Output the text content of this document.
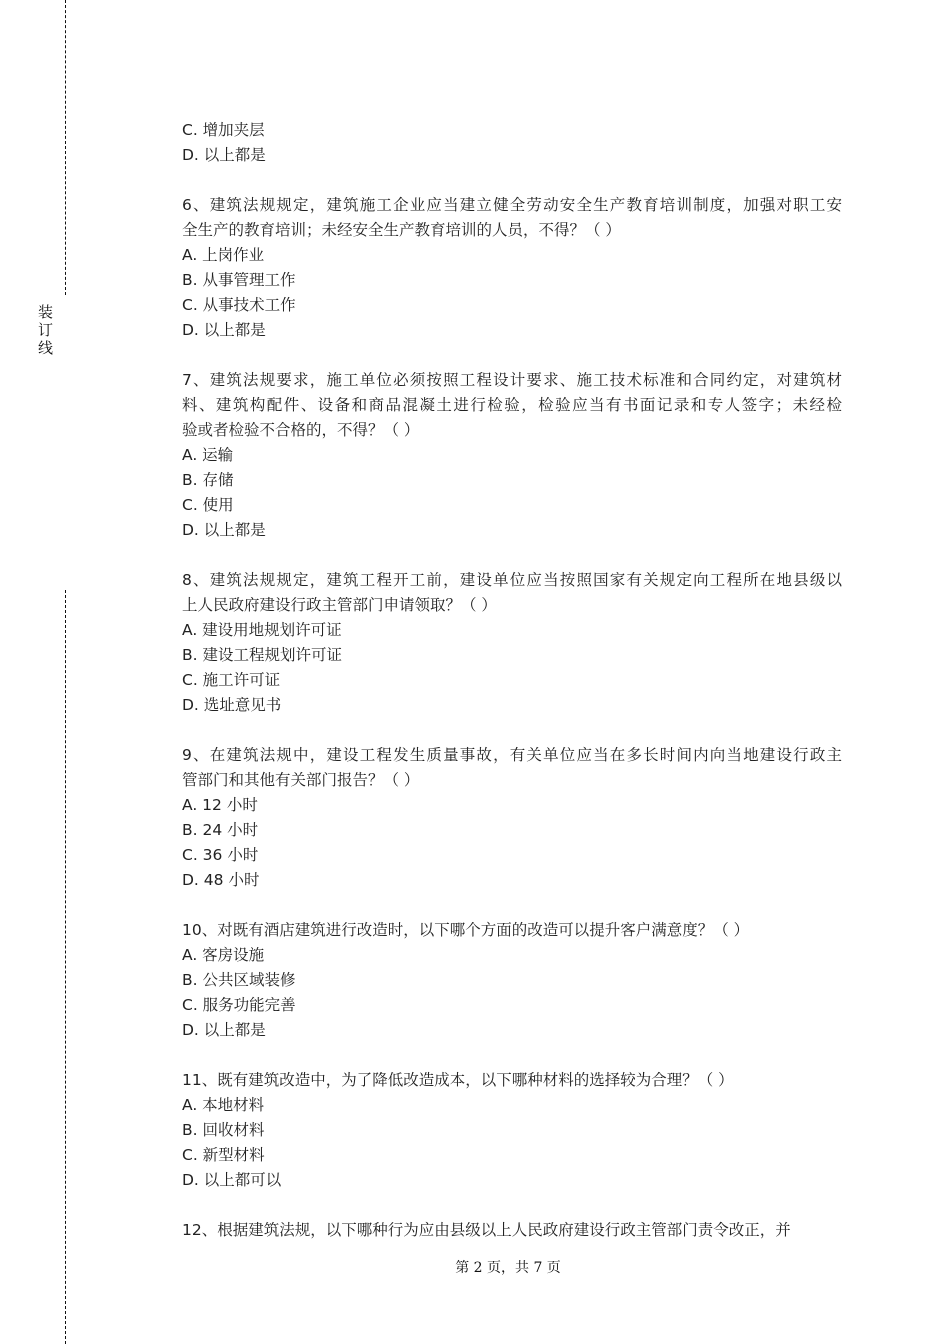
装
订
线
C. 增加夹层
D. 以上都是
6、建筑法规规定，建筑施工企业应当建立健全劳动安全生产教育培训制度，加强对职工安
全生产的教育培训；未经安全生产教育培训的人员，不得？（ ）
A. 上岗作业
B. 从事管理工作
C. 从事技术工作
D. 以上都是
7、建筑法规要求，施工单位必须按照工程设计要求、施工技术标准和合同约定，对建筑材
料、建筑构配件、设备和商品混凝土进行检验，检验应当有书面记录和专人签字；未经检
验或者检验不合格的，不得？（ ）
A. 运输
B. 存储
C. 使用
D. 以上都是
8、建筑法规规定，建筑工程开工前，建设单位应当按照国家有关规定向工程所在地县级以
上人民政府建设行政主管部门申请领取？（ ）
A. 建设用地规划许可证
B. 建设工程规划许可证
C. 施工许可证
D. 选址意见书
9、在建筑法规中，建设工程发生质量事故，有关单位应当在多长时间内向当地建设行政主
管部门和其他有关部门报告？（ ）
A. 12 小时
B. 24 小时
C. 36 小时
D. 48 小时
10、对既有酒店建筑进行改造时，以下哪个方面的改造可以提升客户满意度？（ ）
A. 客房设施
B. 公共区域装修
C. 服务功能完善
D. 以上都是
11、既有建筑改造中，为了降低改造成本，以下哪种材料的选择较为合理？（ ）
A. 本地材料
B. 回收材料
C. 新型材料
D. 以上都可以
12、根据建筑法规，以下哪种行为应由县级以上人民政府建设行政主管部门责令改正，并
第 2 页，共 7 页
